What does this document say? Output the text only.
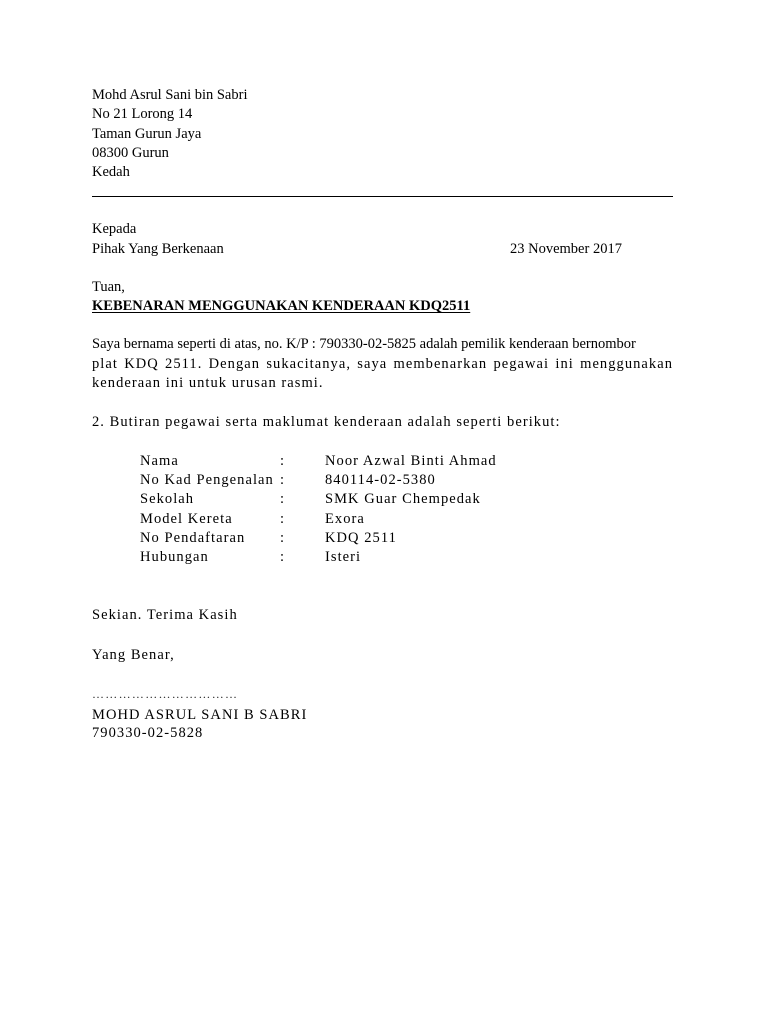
Mohd Asrul Sani bin Sabri
No 21 Lorong 14
Taman Gurun Jaya
08300 Gurun
Kedah
Kepada
Pihak Yang Berkenaan	23 November 2017
Tuan,
KEBENARAN MENGGUNAKAN KENDERAAN KDQ2511
Saya bernama seperti di atas, no. K/P : 790330-02-5825 adalah pemilik kenderaan bernombor
plat KDQ 2511. Dengan sukacitanya, saya membenarkan pegawai ini menggunakan
kenderaan ini untuk urusan rasmi.
2. Butiran pegawai serta maklumat kenderaan adalah seperti berikut:
Nama	:	Noor Azwal Binti Ahmad
No Kad Pengenalan :	840114-02-5380
Sekolah	:	SMK Guar Chempedak
Model Kereta	:	Exora
No Pendaftaran :	KDQ 2511
Hubungan	:	Isteri
Sekian. Terima Kasih
Yang Benar,
……………………………
MOHD ASRUL SANI B SABRI
790330-02-5828
